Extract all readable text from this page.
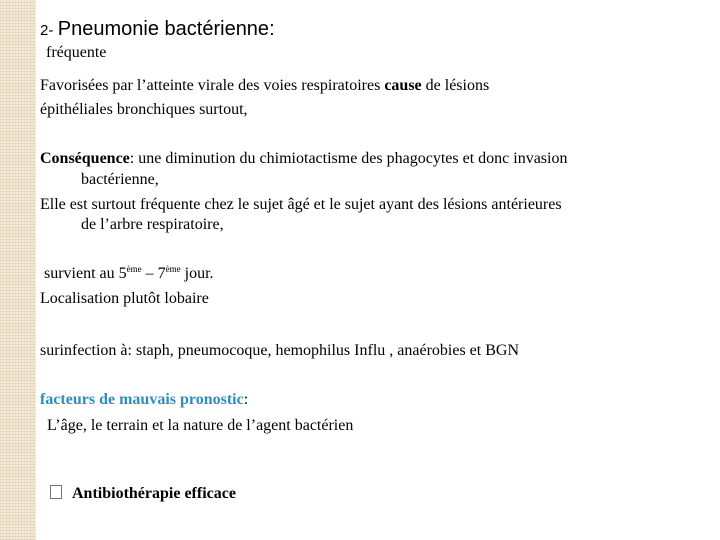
2- Pneumonie bactérienne:
fréquente
Favorisées par l’atteinte virale des voies respiratoires cause de lésions
épithéliales bronchiques surtout,
Conséquence: une diminution du chimiotactisme des phagocytes et donc invasion
bactérienne,
Elle est surtout fréquente chez le sujet âgé et le sujet ayant des lésions antérieures
de l’arbre respiratoire,
survient au 5ème – 7ème jour.
Localisation plutôt lobaire
surinfection à: staph, pneumocoque, hemophilus Influ , anaérobies et BGN
facteurs de mauvais pronostic:
L’âge, le terrain et la nature de l’agent bactérien
Antibiothérapie efficace
